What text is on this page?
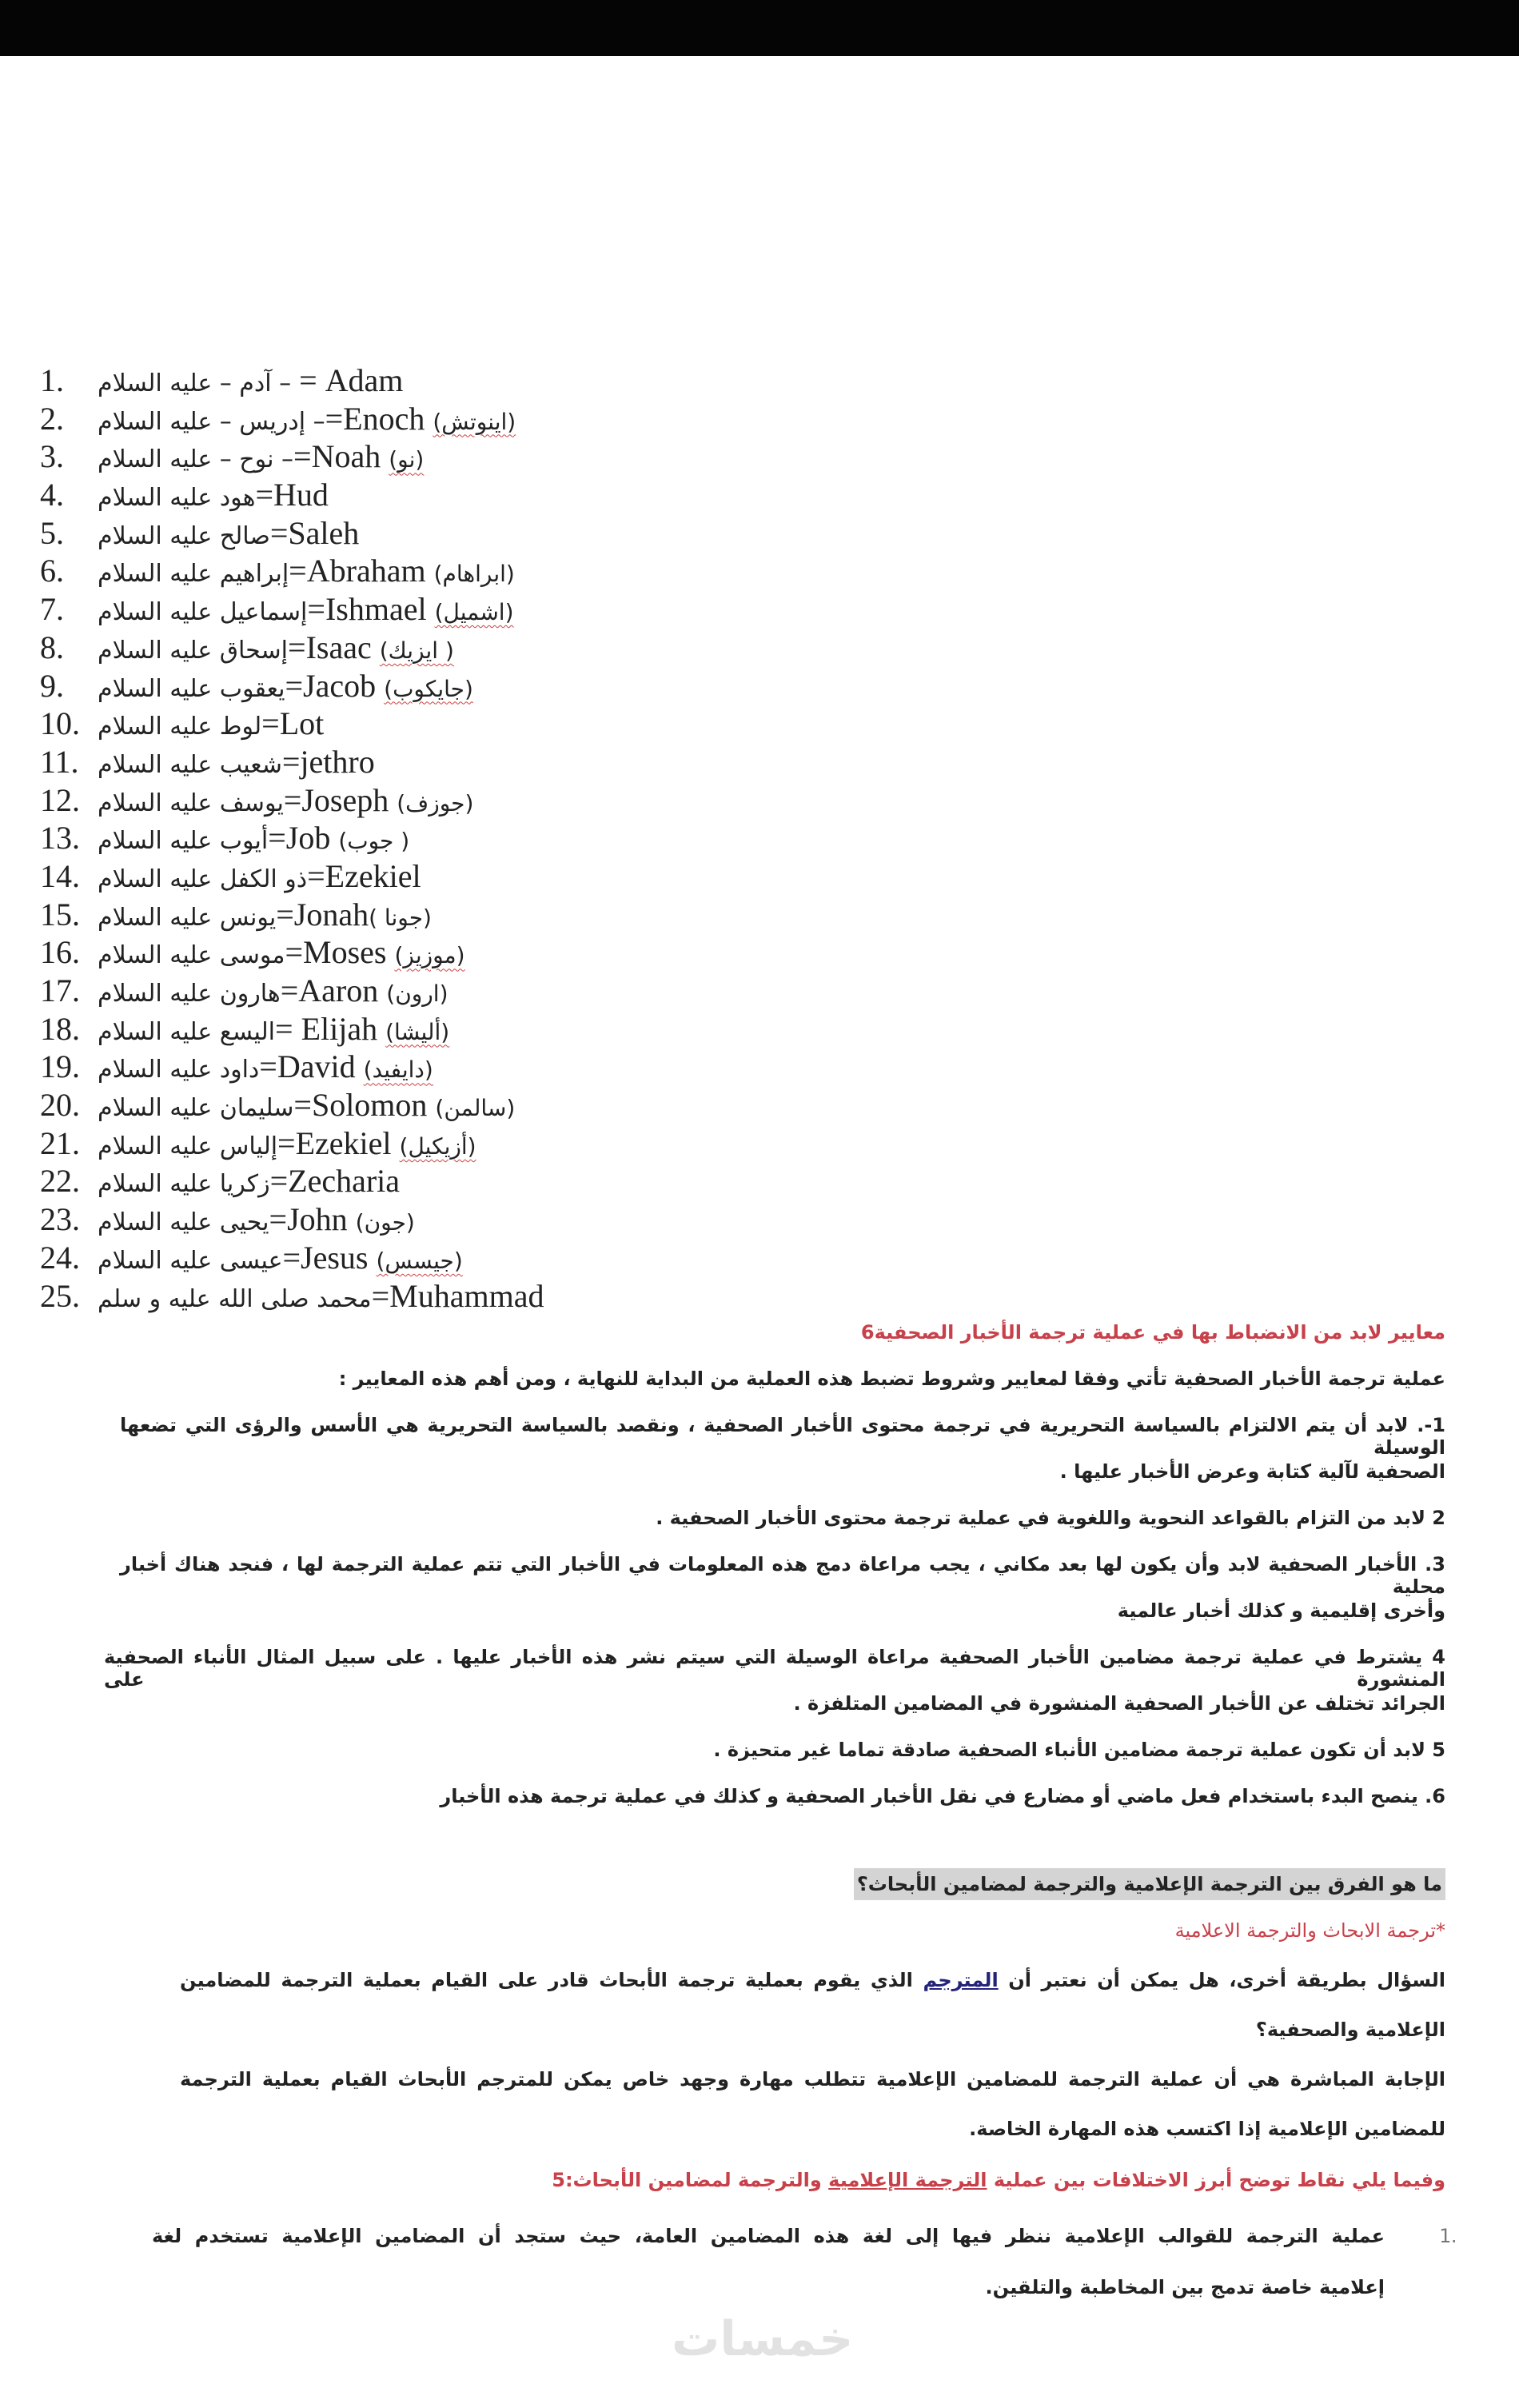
1. – آدم – عليه السلام = Adam
2. – إدريس – عليه السلام=Enoch (اينوتش)
3. – نوح – عليه السلام=Noah (نو)
4. هود عليه السلام=Hud
5. صالح عليه السلام=Saleh
6. إبراهيم عليه السلام=Abraham (ابراهام)
7. إسماعيل عليه السلام=Ishmael (اشميل)
8. إسحاق عليه السلام=Isaac ( ايزيك)
9. يعقوب عليه السلام=Jacob (جايكوب)
10. لوط عليه السلام=Lot
11. شعيب عليه السلام=jethro
12. يوسف عليه السلام=Joseph (جوزف)
13. أيوب عليه السلام=Job ( جوب)
14. ذو الكفل عليه السلام=Ezekiel
15. يونس عليه السلام=Jonah(جونا )
16. موسى عليه السلام=Moses (موزيز)
17. هارون عليه السلام=Aaron (ارون)
18. اليسع عليه السلام= Elijah (أليشا)
19. داود عليه السلام=David (دايفيد)
20. سليمان عليه السلام=Solomon (سالمن)
21. إلياس عليه السلام=Ezekiel (أزيكيل)
22. زكريا عليه السلام=Zecharia
23. يحيى عليه السلام=John (جون)
24. عيسى عليه السلام=Jesus (جيسس)
25. محمد صلى الله عليه و سلم=Muhammad
معايير لابد من الانضباط بها في عملية ترجمة الأخبار الصحفية6
عملية ترجمة الأخبار الصحفية تأتي وفقا لمعايير وشروط تضبط هذه العملية من البداية للنهاية ، ومن أهم هذه المعايير :
1-. لابد أن يتم الالتزام بالسياسة التحريرية في ترجمة محتوى الأخبار الصحفية ، ونقصد بالسياسة التحريرية هي الأسس والرؤى التي تضعها الوسيلة
الصحفية لآلية كتابة وعرض الأخبار عليها .
2 لابد من التزام بالقواعد النحوية واللغوية في عملية ترجمة محتوى الأخبار الصحفية .
3. الأخبار الصحفية لابد وأن يكون لها بعد مكاني ، يجب مراعاة دمج هذه المعلومات في الأخبار التي تتم عملية الترجمة لها ، فنجد هناك أخبار محلية
وأخرى إقليمية و كذلك أخبار عالمية
4 يشترط في عملية ترجمة مضامين الأخبار الصحفية مراعاة الوسيلة التي سيتم نشر هذه الأخبار عليها . على سبيل المثال الأنباء الصحفية المنشورة على
الجرائد تختلف عن الأخبار الصحفية المنشورة في المضامين المتلفزة .
5 لابد أن تكون عملية ترجمة مضامين الأنباء الصحفية صادقة تماما غير متحيزة .
6. ينصح البدء باستخدام فعل ماضي أو مضارع في نقل الأخبار الصحفية و كذلك في عملية ترجمة هذه الأخبار
ما هو الفرق بين الترجمة الإعلامية والترجمة لمضامين الأبحاث؟
*ترجمة الابحاث والترجمة الاعلامية
السؤال بطريقة أخرى، هل يمكن أن نعتبر أن المترجم الذي يقوم بعملية ترجمة الأبحاث قادر على القيام بعملية الترجمة للمضامين
الإعلامية والصحفية؟
الإجابة المباشرة هي أن عملية الترجمة للمضامين الإعلامية تتطلب مهارة وجهد خاص يمكن للمترجم الأبحاث القيام بعملية الترجمة
للمضامين الإعلامية إذا اكتسب هذه المهارة الخاصة.
وفيما يلي نقاط توضح أبرز الاختلافات بين عملية الترجمة الإعلامية والترجمة لمضامين الأبحاث:5
.1
عملية الترجمة للقوالب الإعلامية ننظر فيها إلى لغة هذه المضامين العامة، حيث ستجد أن المضامين الإعلامية تستخدم لغة
إعلامية خاصة تدمج بين المخاطبة والتلقين.
خمسات
